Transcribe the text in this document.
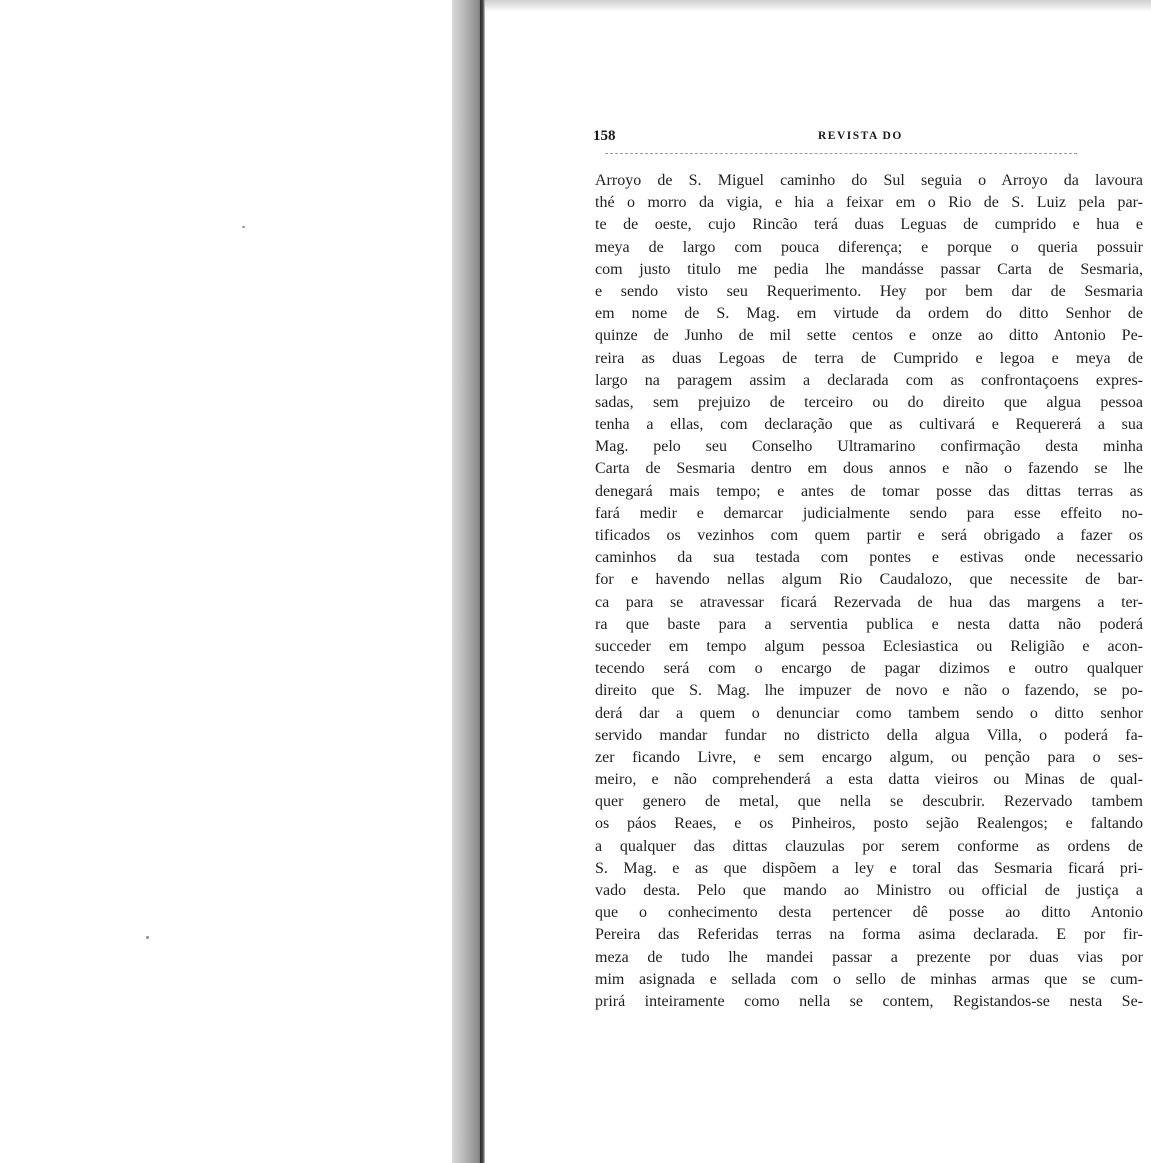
158	REVISTA DO
Arroyo de S. Miguel caminho do Sul seguia o Arroyo da lavoura
thé o morro da vigia, e hia a feixar em o Rio de S. Luiz pela par-
te de oeste, cujo Rincão terá duas Leguas de cumprido e hua e
meya de largo com pouca diferença; e porque o queria possuir
com justo titulo me pedia lhe mandásse passar Carta de Sesmaria,
e sendo visto seu Requerimento. Hey por bem dar de Sesmaria
em nome de S. Mag. em virtude da ordem do ditto Senhor de
quinze de Junho de mil sette centos e onze ao ditto Antonio Pe-
reira as duas Legoas de terra de Cumprido e legoa e meya de
largo na paragem assim a declarada com as confrontaçoens expres-
sadas, sem prejuizo de terceiro ou do direito que algua pessoa
tenha a ellas, com declaração que as cultivará e Requererá a sua
Mag. pelo seu Conselho Ultramarino confirmação desta minha
Carta de Sesmaria dentro em dous annos e não o fazendo se lhe
denegará mais tempo; e antes de tomar posse das dittas terras as
fará medir e demarcar judicialmente sendo para esse effeito no-
tificados os vezinhos com quem partir e será obrigado a fazer os
caminhos da sua testada com pontes e estivas onde necessario
for e havendo nellas algum Rio Caudalozo, que necessite de bar-
ca para se atravessar ficará Rezervada de hua das margens a ter-
ra que baste para a serventia publica e nesta datta não poderá
succeder em tempo algum pessoa Eclesiastica ou Religião e acon-
tecendo será com o encargo de pagar dizimos e outro qualquer
direito que S. Mag. lhe impuzer de novo e não o fazendo, se po-
derá dar a quem o denunciar como tambem sendo o ditto senhor
servido mandar fundar no districto della algua Villa, o poderá fa-
zer ficando Livre, e sem encargo algum, ou penção para o ses-
meiro, e não comprehenderá a esta datta vieiros ou Minas de qual-
quer genero de metal, que nella se descubrir. Rezervado tambem
os páos Reaes, e os Pinheiros, posto sejão Realengos; e faltando
a qualquer das dittas clauzulas por serem conforme as ordens de
S. Mag. e as que dispõem a ley e toral das Sesmaria ficará pri-
vado desta. Pelo que mando ao Ministro ou official de justiça a
que o conhecimento desta pertencer dê posse ao ditto Antonio
Pereira das Referidas terras na forma asima declarada. E por fir-
meza de tudo lhe mandei passar a prezente por duas vias por
mim asignada e sellada com o sello de minhas armas que se cum-
prirá inteiramente como nella se contem, Registandos-se nesta Se-
